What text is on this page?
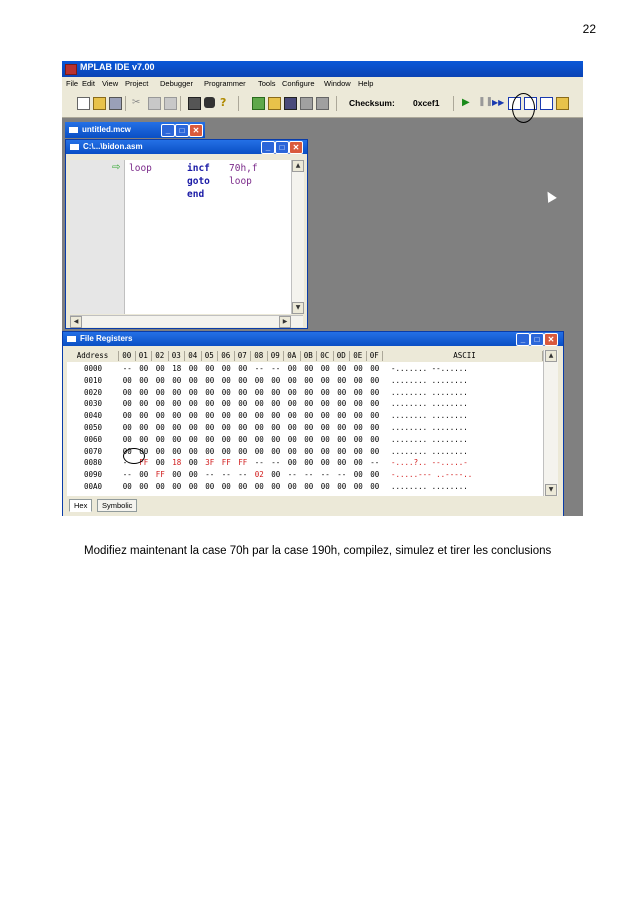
22
MPLAB IDE v7.00
File Edit View Project Debugger Programmer Tools Configure Window Help
✂	?	Checksum: 0xcef1 ▶ ❚❚
▶▶
untitled.mcw	_	□	✕
C:\...\bidon.asm	_	□	✕
⇨ loop	incf 70h,f
goto loop
end
▲
▼
◀	▶
File Registers	_	□	✕
Address	00 01 02 03 04 05 06 07 08 09 0A 0B 0C 0D 0E 0F	ASCII
0000	-- 00 00 18 00 00 00 00 -- -- 00 00 00 00 00 00	-....... --......
0010	00 00 00 00 00 00 00 00 00 00 00 00 00 00 00 00	........ ........
0020	00 00 00 00 00 00 00 00 00 00 00 00 00 00 00 00	........ ........
0030	00 00 00 00 00 00 00 00 00 00 00 00 00 00 00 00	........ ........
0040	00 00 00 00 00 00 00 00 00 00 00 00 00 00 00 00	........ ........
0050	00 00 00 00 00 00 00 00 00 00 00 00 00 00 00 00	........ ........
0060	00 00 00 00 00 00 00 00 00 00 00 00 00 00 00 00	........ ........
0070	00 00 00 00 00 00 00 00 00 00 00 00 00 00 00 00	........ ........
0080	-- FF 00 18 00 3F FF FF -- -- 00 00 00 00 00 --	-....?.. --.....-
0090	-- 00 FF 00 00 -- -- -- 02 00 -- -- -- -- 00 00	-.....--- ..----..
00A0	00 00 00 00 00 00 00 00 00 00 00 00 00 00 00 00	........ ........
▲
▼
Hex	Symbolic
Modifiez maintenant la case 70h par la case 190h, compilez, simulez et tirer les conclusions
